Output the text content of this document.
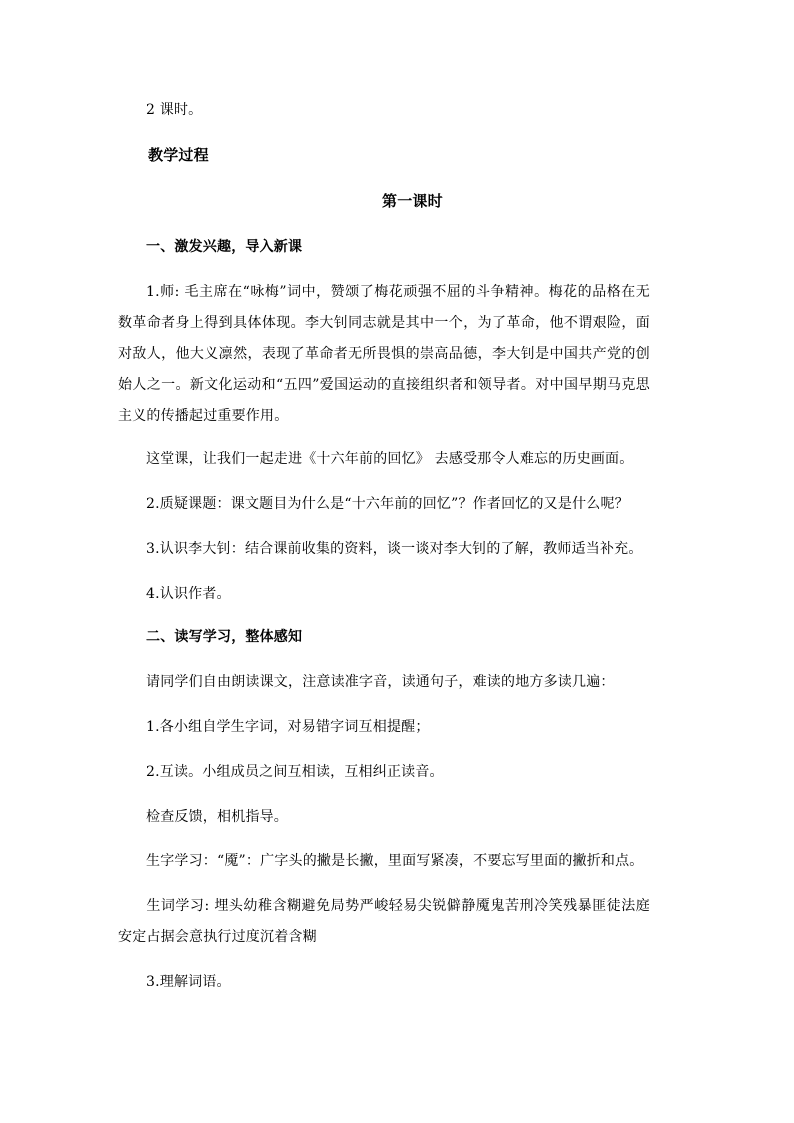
2 课时。
教学过程
第一课时
一、激发兴趣，导入新课
1.师: 毛主席在“咏梅”词中，赞颂了梅花顽强不屈的斗争精神。梅花的品格在无数革命者身上得到具体体现。李大钊同志就是其中一个，为了革命，他不谓艰险，面对敌人，他大义凛然，表现了革命者无所畏惧的崇高品德，李大钊是中国共产党的创始人之一。新文化运动和“五四”爱国运动的直接组织者和领导者。对中国早期马克思主义的传播起过重要作用。
这堂课，让我们一起走进《十六年前的回忆》 去感受那令人难忘的历史画面。
2.质疑课题：课文题目为什么是“十六年前的回忆”？作者回忆的又是什么呢？
3.认识李大钊：结合课前收集的资料，谈一谈对李大钊的了解，教师适当补充。
4.认识作者。
二、读写学习，整体感知
请同学们自由朗读课文，注意读准字音，读通句子，难读的地方多读几遍：
1.各小组自学生字词，对易错字词互相提醒；
2.互读。小组成员之间互相读，互相纠正读音。
检查反馈，相机指导。
生字学习：“魇”：广字头的撇是长撇，里面写紧凑，不要忘写里面的撇折和点。
生词学习: 埋头幼稚含糊避免局势严峻轻易尖锐僻静魇鬼苦刑冷笑残暴匪徒法庭安定占据会意执行过度沉着含糊
3.理解词语。
